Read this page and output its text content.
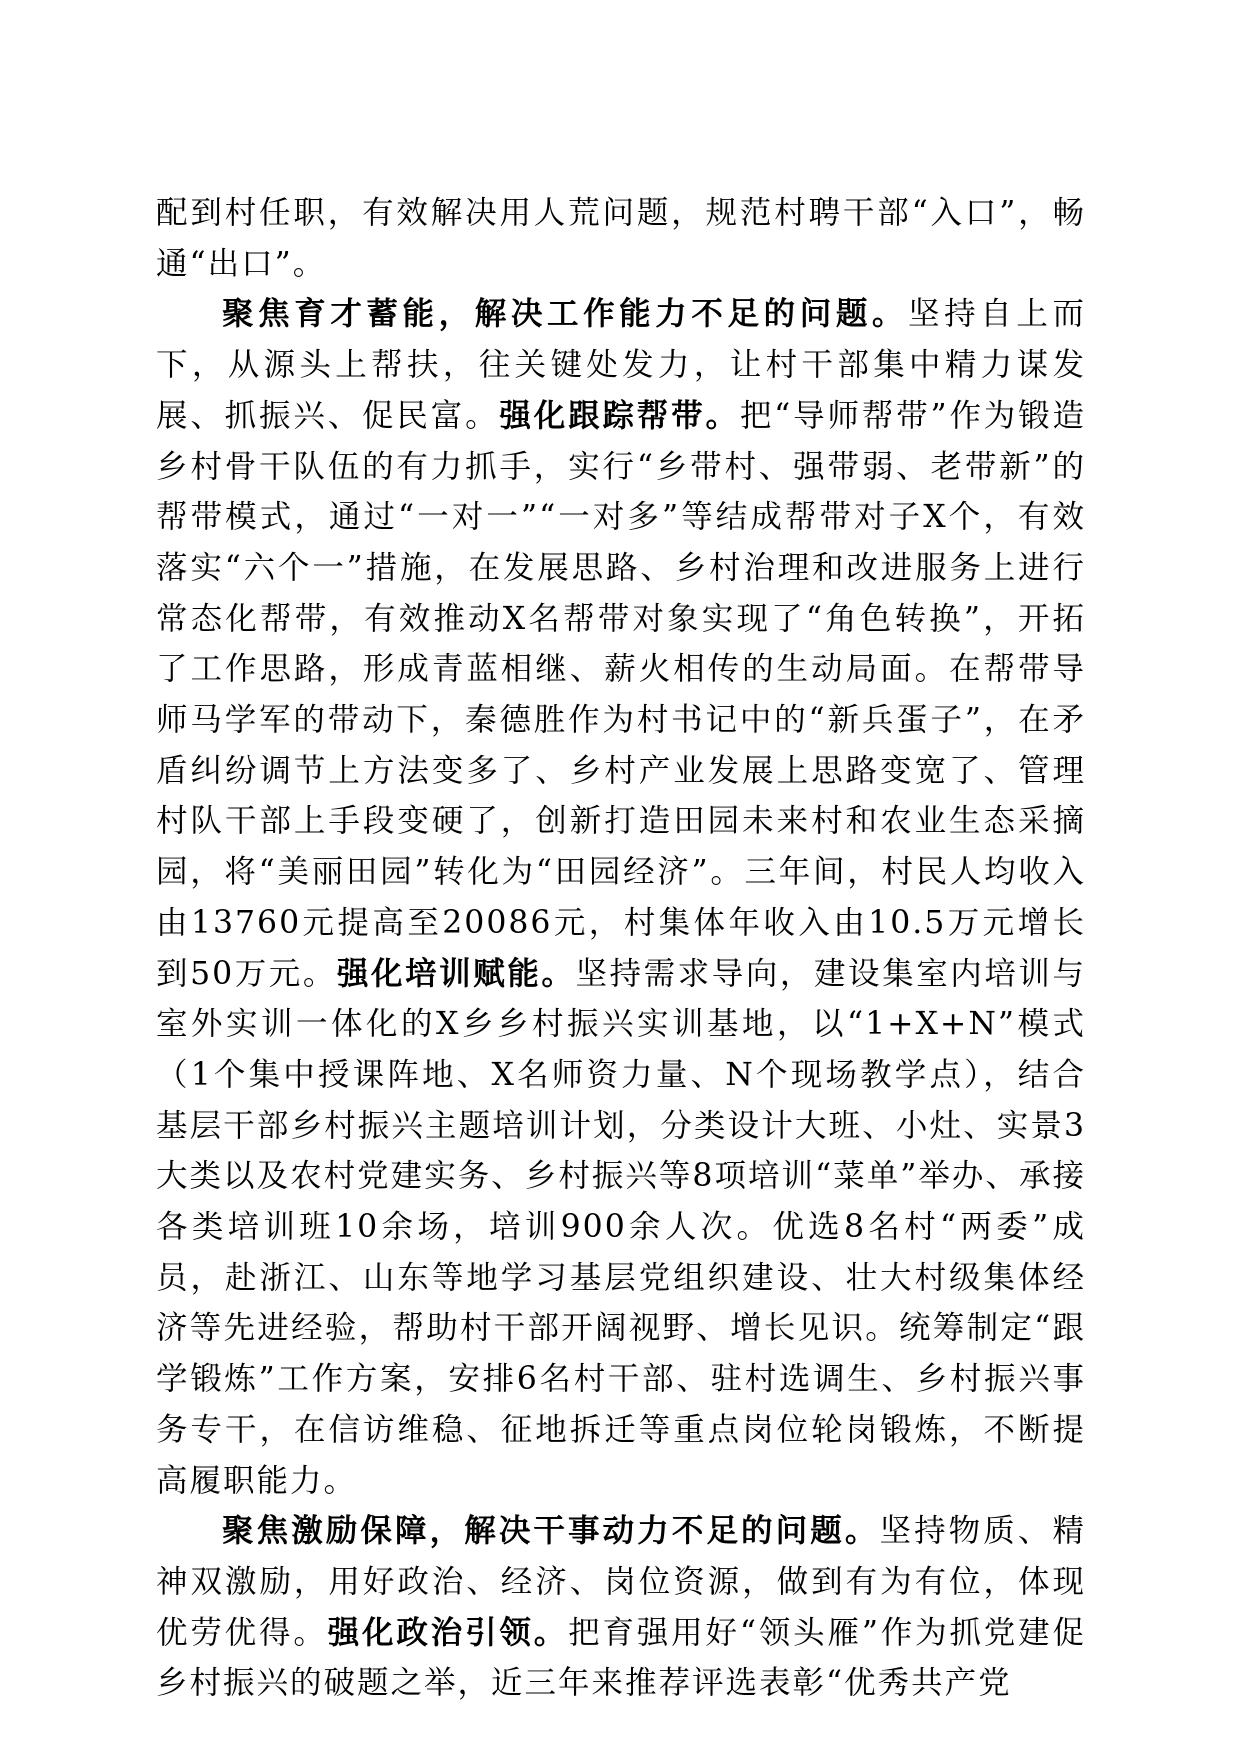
配到村任职，有效解决用人荒问题，规范村聘干部“入口”，畅通“出口”。

聚焦育才蓄能，解决工作能力不足的问题。坚持自上而下，从源头上帮扶，往关键处发力，让村干部集中精力谋发展、抓振兴、促民富。强化跟踪帮带。把“导师帮带”作为锻造乡村骨干队伍的有力抓手，实行“乡带村、强带弱、老带新”的帮带模式，通过“一对一”“一对多”等结成帮带对子X个，有效落实“六个一”措施，在发展思路、乡村治理和改进服务上进行常态化帮带，有效推动X名帮带对象实现了“角色转换”，开拓了工作思路，形成青蓝相继、薪火相传的生动局面。在帮带导师马学军的带动下，秦德胜作为村书记中的“新兵蛋子”，在矛盾纠纷调节上方法变多了、乡村产业发展上思路变宽了、管理村队干部上手段变硬了，创新打造田园未来村和农业生态采摘园，将“美丽田园”转化为“田园经济”。三年间，村民人均收入由13760元提高至20086元，村集体年收入由10.5万元增长到50万元。强化培训赋能。坚持需求导向，建设集室内培训与室外实训一体化的X乡乡村振兴实训基地，以“1+X+N”模式（1个集中授课阵地、X名师资力量、N个现场教学点），结合基层干部乡村振兴主题培训计划，分类设计大班、小灶、实景3大类以及农村党建实务、乡村振兴等8项培训“菜单”举办、承接各类培训班10余场，培训900余人次。优选8名村“两委”成员，赴浙江、山东等地学习基层党组织建设、壮大村级集体经济等先进经验，帮助村干部开阔视野、增长见识。统筹制定“跟学锻炼”工作方案，安排6名村干部、驻村选调生、乡村振兴事务专干，在信访维稳、征地拆迁等重点岗位轮岗锻炼，不断提高履职能力。

聚焦激励保障，解决干事动力不足的问题。坚持物质、精神双激励，用好政治、经济、岗位资源，做到有为有位，体现优劳优得。强化政治引领。把育强用好“领头雁”作为抓党建促乡村振兴的破题之举，近三年来推荐评选表彰“优秀共产党
